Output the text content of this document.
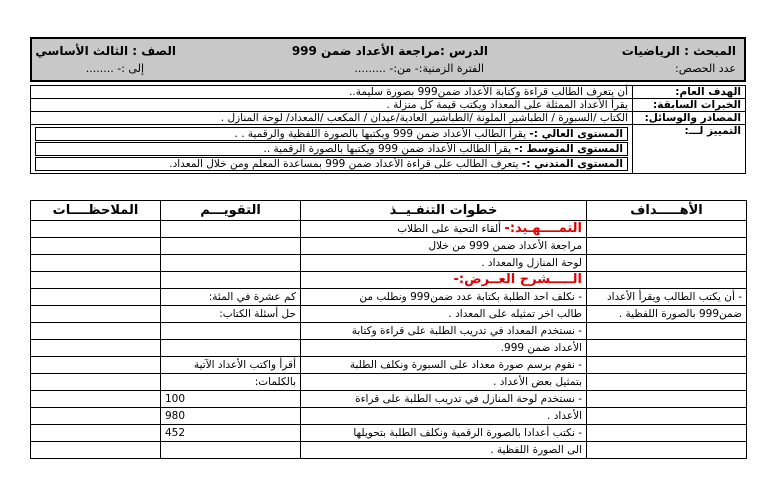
المبحث : الرياضيات
عدد الحصص:
الدرس :مراجعة الأعداد ضمن 999
الفترة الزمنية:- من:- .........
الصف : الثالث الأساسي
إلى :- ........
الهدف العام:	أن يتعرف الطالب قراءة وكتابة الأعداد ضمن999 بصورة سليمة..
الخبرات السابقة:	يقرأ الأعداد الممثلة على المعداد ويكتب قيمة كل منزلة .
المصادر والوسائل:	الكتاب /السبورة / الطباشير الملونة /الطباشير العادية/عيدان / المكعب /المعداد/ لوحة المنازل .
التمييز لـــ:	المستوى العالي :- يقرأ الطالب الأعداد ضمن 999 ويكتبها بالصورة اللفظية والرقمية . .
المستوى المتوسط :- يقرأ الطالب الأعداد ضمن 999 ويكتبها بالصورة الرقمية ..
المستوى المتدني :- يتعرف الطالب على قراءة الأعداد ضمن 999 بمساعدة المعلم ومن خلال المعداد.
الأهـــــداف	خطوات التنفـيــذ	التقويـــم	الملاحظــــات
	التمــــهـيد:- ألقاء التحية على الطلاب		
	مراجعة الأعداد ضمن 999 من خلال		
	لوحة المنازل والمعداد .		
	الـــــشرح العــرض:-		
- أن يكتب الطالب ويقرأ الأعداد	- نكلف احد الطلبة بكتابة عدد ضمن999 ونطلب من	كم عشرة في المئة:	
ضمن999 بالصورة اللفظية .	طالب اخر تمثيله على المعداد .	حل أسئلة الكتاب:	
	- نستخدم المعداد في تدريب الطلبة على قراءة وكتابة		
	الأعداد ضمن 999.		
	- نقوم برسم صورة معداد على السبورة ونكلف الطلبة	أقرأ واكتب الأعداد الآتية	
	بتمثيل بعض الأعداد .	بالكلمات:	
	- نستخدم لوحة المنازل في تدريب الطلبة على قراءة	100	
	الأعداد .	980	
	- نكتب أعدادا بالصورة الرقمية ونكلف الطلبة بتحويلها	452	
	الى الصورة اللفظية .		
